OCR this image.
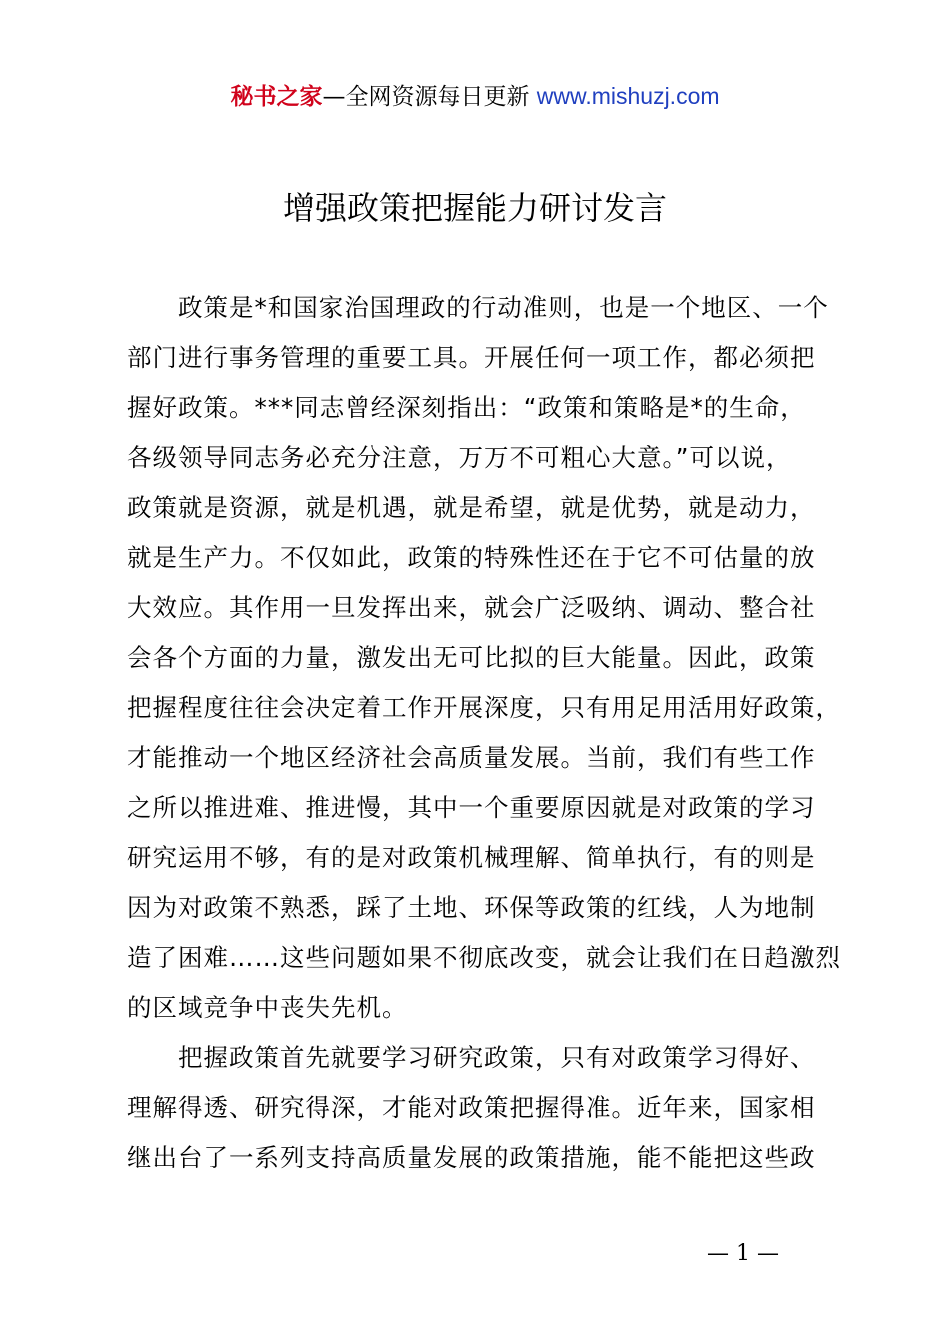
秘书之家—全网资源每日更新 www.mishuzj.com
增强政策把握能力研讨发言
政策是*和国家治国理政的行动准则，也是一个地区、一个
部门进行事务管理的重要工具。开展任何一项工作，都必须把
握好政策。***同志曾经深刻指出：“政策和策略是*的生命，
各级领导同志务必充分注意，万万不可粗心大意。”可以说，
政策就是资源，就是机遇，就是希望，就是优势，就是动力，
就是生产力。不仅如此，政策的特殊性还在于它不可估量的放
大效应。其作用一旦发挥出来，就会广泛吸纳、调动、整合社
会各个方面的力量，激发出无可比拟的巨大能量。因此，政策
把握程度往往会决定着工作开展深度，只有用足用活用好政策，
才能推动一个地区经济社会高质量发展。当前，我们有些工作
之所以推进难、推进慢，其中一个重要原因就是对政策的学习
研究运用不够，有的是对政策机械理解、简单执行，有的则是
因为对政策不熟悉，踩了土地、环保等政策的红线，人为地制
造了困难……这些问题如果不彻底改变，就会让我们在日趋激烈
的区域竞争中丧失先机。
把握政策首先就要学习研究政策，只有对政策学习得好、
理解得透、研究得深，才能对政策把握得准。近年来，国家相
继出台了一系列支持高质量发展的政策措施，能不能把这些政
— 1 —
